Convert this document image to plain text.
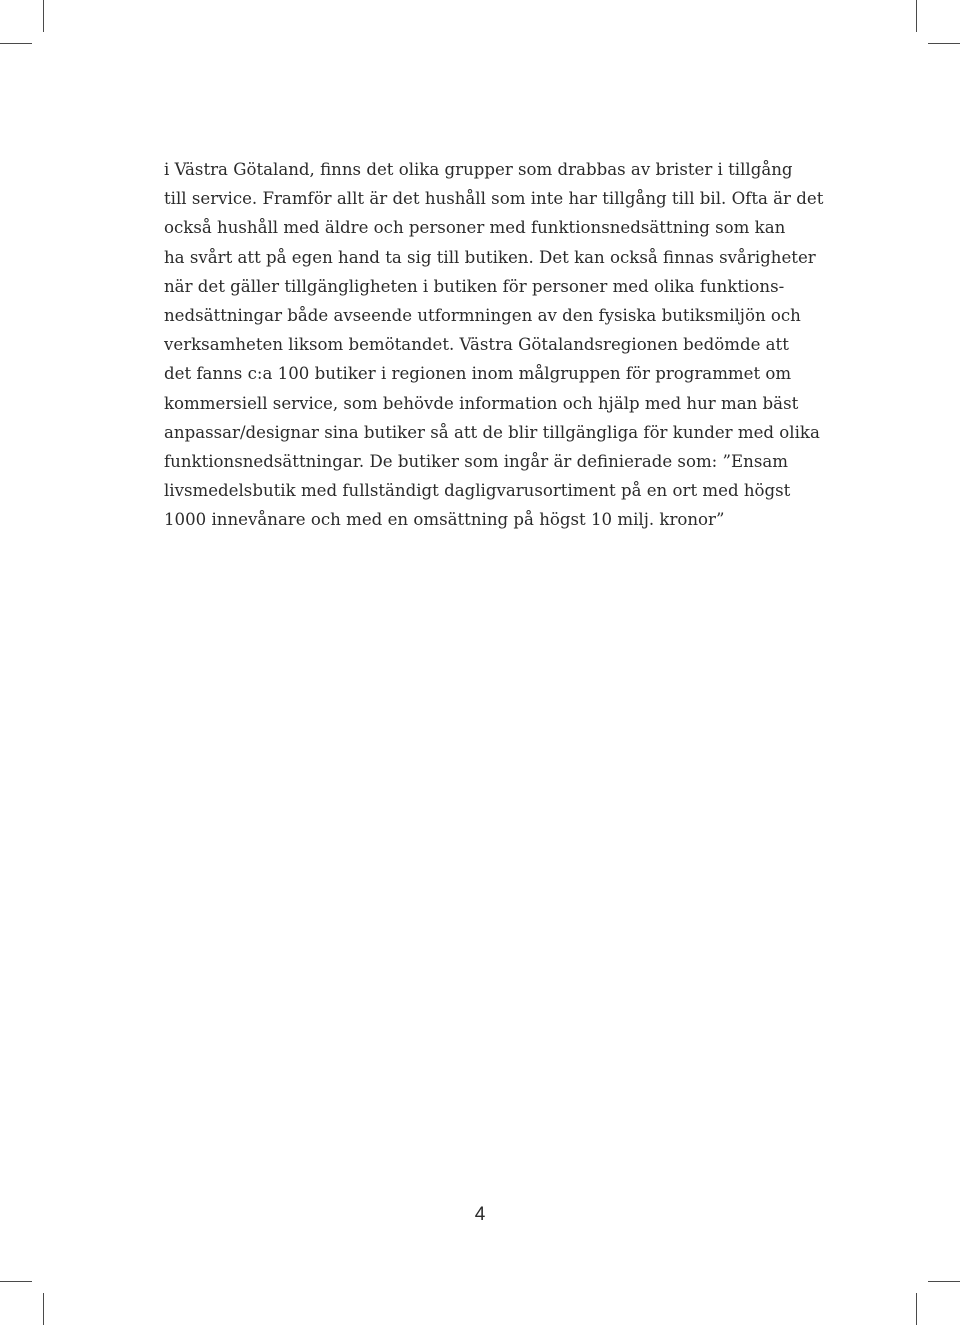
i Västra Götaland, finns det olika grupper som drabbas av brister i tillgång
till service. Framför allt är det hushåll som inte har tillgång till bil. Ofta är det
också hushåll med äldre och personer med funktionsnedsättning som kan
ha svårt att på egen hand ta sig till butiken. Det kan också finnas svårigheter
när det gäller tillgängligheten i butiken för personer med olika funktions-
nedsättningar både avseende utformningen av den fysiska butiksmiljön och
verksamheten liksom bemötandet. Västra Götalandsregionen bedömde att
det fanns c:a 100 butiker i regionen inom målgruppen för programmet om
kommersiell service, som behövde information och hjälp med hur man bäst
anpassar/designar sina butiker så att de blir tillgängliga för kunder med olika
funktionsnedsättningar. De butiker som ingår är definierade som: ”Ensam
livsmedelsbutik med fullständigt dagligvarusortiment på en ort med högst
1000 innevånare och med en omsättning på högst 10 milj. kronor”

4
